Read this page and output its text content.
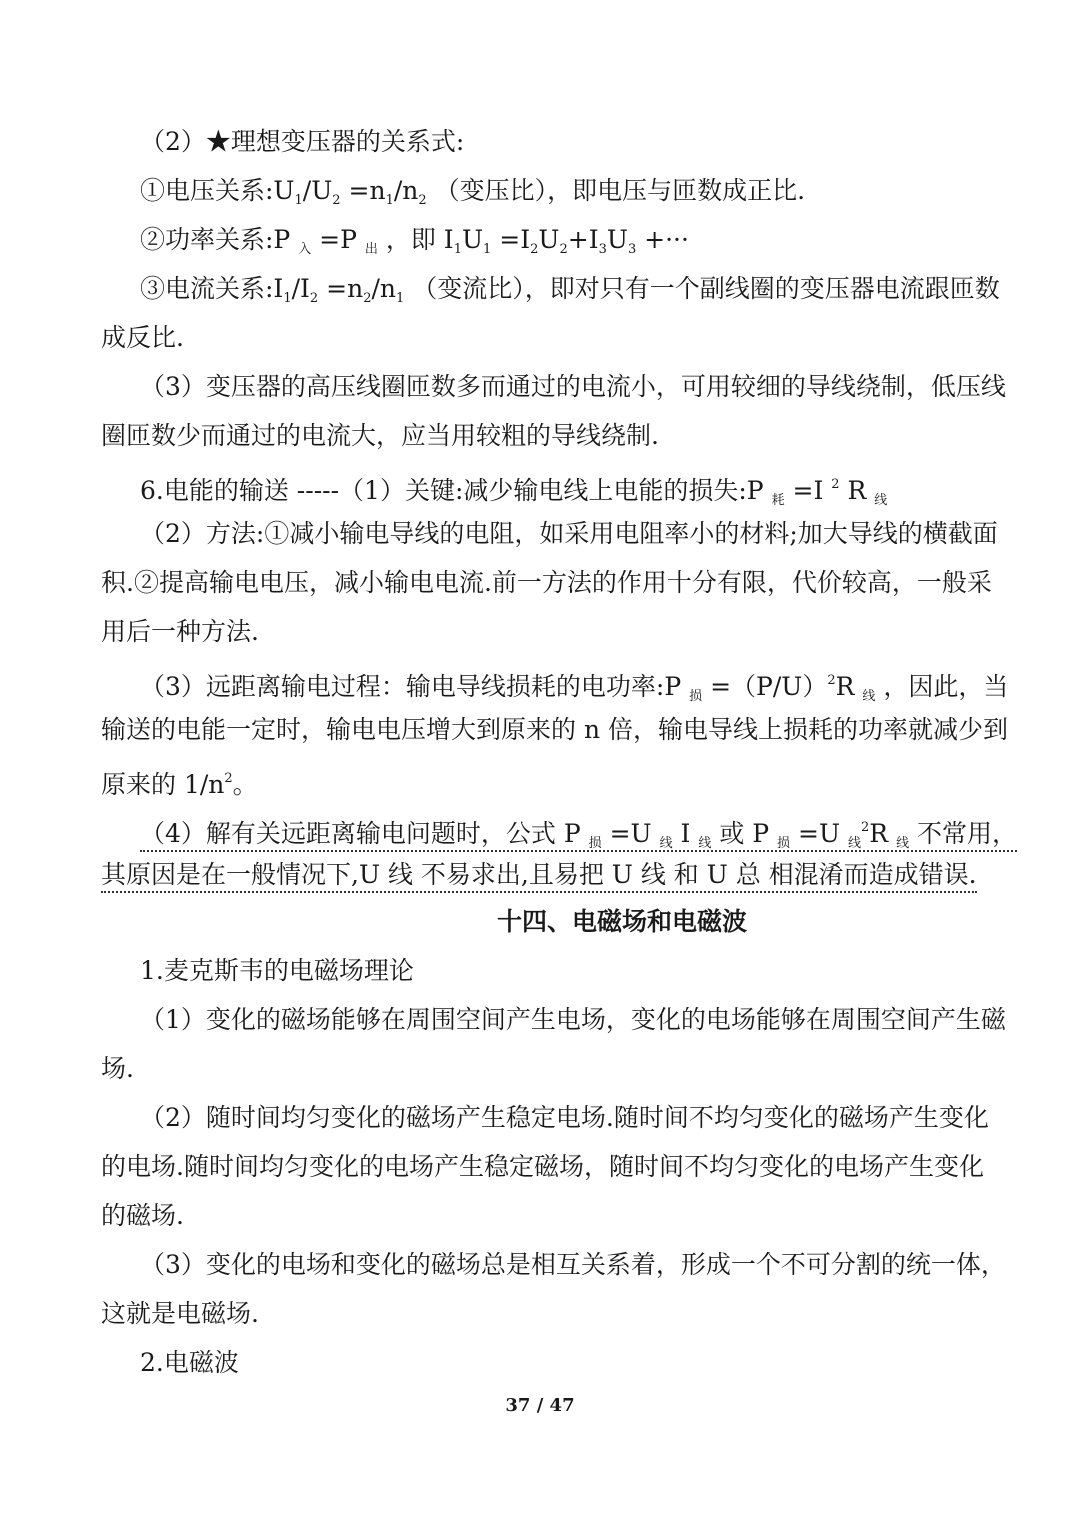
（2）★理想变压器的关系式:
①电压关系$:U_1/U_2 =n_1/n_2$ （变压比），即电压与匝数成正比.
②功率关系:P $_入$ =P $_出$ ，即 $I_1U_1 =I_2U_2+I_3U_3$ +···
③电流关系$:I_1/I_2 =n_2/n_1$ （变流比），即对只有一个副线圈的变压器电流跟匝数
成反比.
（3）变压器的高压线圈匝数多而通过的电流小，可用较细的导线绕制，低压线
圈匝数少而通过的电流大，应当用较粗的导线绕制.
6.电能的输送 -----（1）关键:减少输电线上电能的损失:P $_耗$ =I $^2$ R $_线$
（2）方法:①减小输电导线的电阻，如采用电阻率小的材料;加大导线的横截面
积.②提高输电电压，减小输电电流.前一方法的作用十分有限，代价较高，一般采
用后一种方法.
（3）远距离输电过程：输电导线损耗的电功率:P $_损 =(P/U)^2R$ $_线$ ，因此，当
输送的电能一定时，输电电压增大到原来的 n 倍，输电导线上损耗的功率就减少到
原来的 $1/n^2$。
（4）解有关远距离输电问题时，公式 P $_损$ =U $_线$ I $_线$ 或 P $_损$ =U $_线^2$R $_线$ 不常用，
其原因是在一般情况下,U 线 不易求出,且易把 U 线 和 U 总 相混淆而造成错误.
十四、电磁场和电磁波
1.麦克斯韦的电磁场理论
（1）变化的磁场能够在周围空间产生电场，变化的电场能够在周围空间产生磁
场.
（2）随时间均匀变化的磁场产生稳定电场.随时间不均匀变化的磁场产生变化
的电场.随时间均匀变化的电场产生稳定磁场，随时间不均匀变化的电场产生变化
的磁场.
（3）变化的电场和变化的磁场总是相互关系着，形成一个不可分割的统一体，
这就是电磁场.
2.电磁波
37 / 47
